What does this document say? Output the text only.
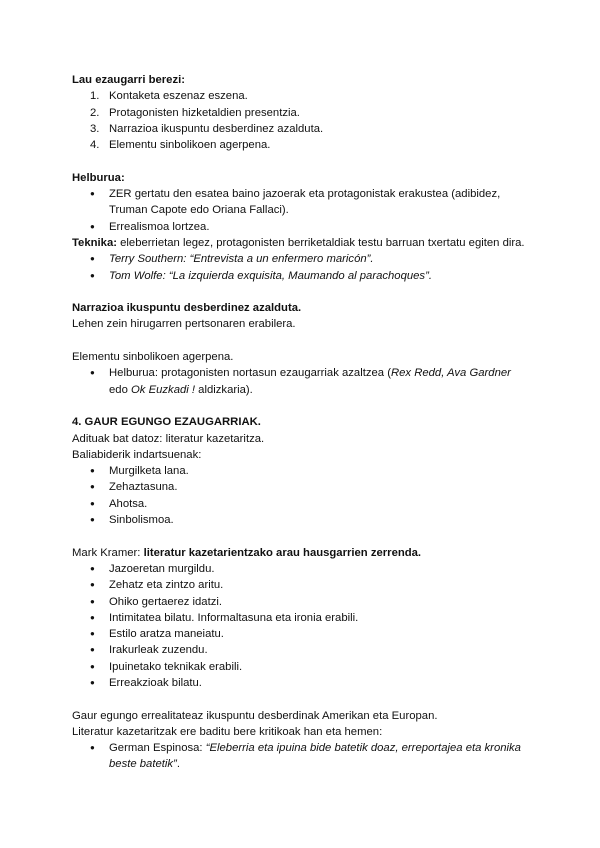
Lau ezaugarri berezi:

1. Kontaketa eszenaz eszena.
2. Protagonisten hizketaldien presentzia.
3. Narrazioa ikuspuntu desberdinez azalduta.
4. Elementu sinbolikoen agerpena.

Helburua:

● ZER gertatu den esatea baino jazoerak eta protagonistak erakustea (adibidez, Truman Capote edo Oriana Fallaci).
● Errealismoa lortzea.

Teknika: eleberrietan legez, protagonisten berriketaldiak testu barruan txertatu egiten dira.

● Terry Southern: “Entrevista a un enfermero maricón”.
● Tom Wolfe: “La izquierda exquisita, Maumando al parachoques”.

Narrazioa ikuspuntu desberdinez azalduta.

Lehen zein hirugarren pertsonaren erabilera.

Elementu sinbolikoen agerpena.

● Helburua: protagonisten nortasun ezaugarriak azaltzea (Rex Redd, Ava Gardner edo Ok Euzkadi ! aldizkaria).

4. GAUR EGUNGO EZAUGARRIAK.

Adituak bat datoz: literatur kazetaritza.

Baliabiderik indartsuenak:

● Murgilketa lana.
● Zehaztasuna.
● Ahotsa.
● Sinbolismoa.

Mark Kramer: literatur kazetarientzako arau hausgarrien zerrenda.

● Jazoeretan murgildu.
● Zehatz eta zintzo aritu.
● Ohiko gertaerez idatzi.
● Intimitatea bilatu. Informaltasuna eta ironia erabili.
● Estilo aratza maneiatu.
● Irakurleak zuzendu.
● Ipuinetako teknikak erabili.
● Erreakzioak bilatu.

Gaur egungo errealitateaz ikuspuntu desberdinak Amerikan eta Europan.

Literatur kazetaritzak ere baditu bere kritikoak han eta hemen:

● German Espinosa: “Eleberria eta ipuina bide batetik doaz, erreportajea eta kronika beste batetik”.
